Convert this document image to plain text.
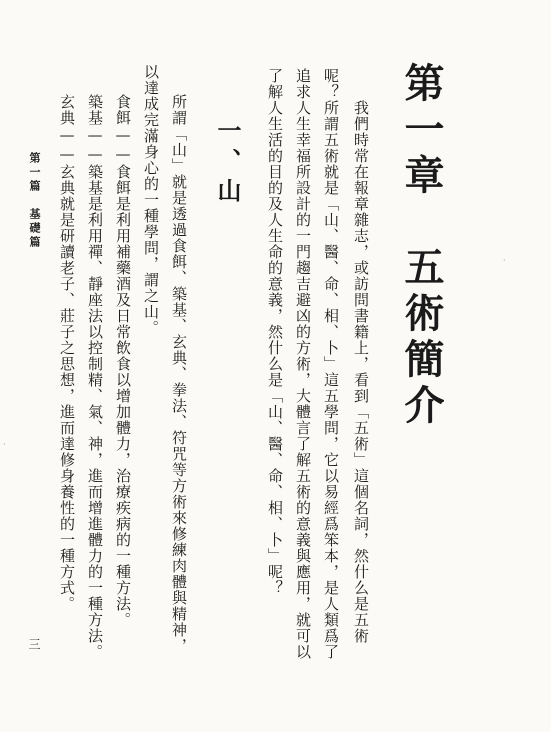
第一章　五術簡介
我們時常在報章雜志，或訪問書籍上，看到「五術」這個名詞，然什么是五術
呢？所謂五術就是「山、醫、命、相、卜」這五學問，它以易經爲笨本，是人類爲了
追求人生幸福所設計的一門趨吉避凶的方術，大體言了解五術的意義與應用，就可以
了解人生活的目的及人生命的意義，然什么是「山、醫、命、相、卜」呢？
一、山
所謂「山」就是透過食餌、築基、玄典、拳法、符咒等方術來修練肉體與精神，
以達成完滿身心的一種學問，謂之山。
食餌——食餌是利用補藥酒及日常飲食以增加體力，治療疾病的一種方法。
築基——築基是利用禪、靜座法以控制精、氣、神，進而增進體力的一種方法。
玄典——玄典就是研讀老子、莊子之思想，進而達修身養性的一種方式。
第一篇　基礎篇
三
·
·
